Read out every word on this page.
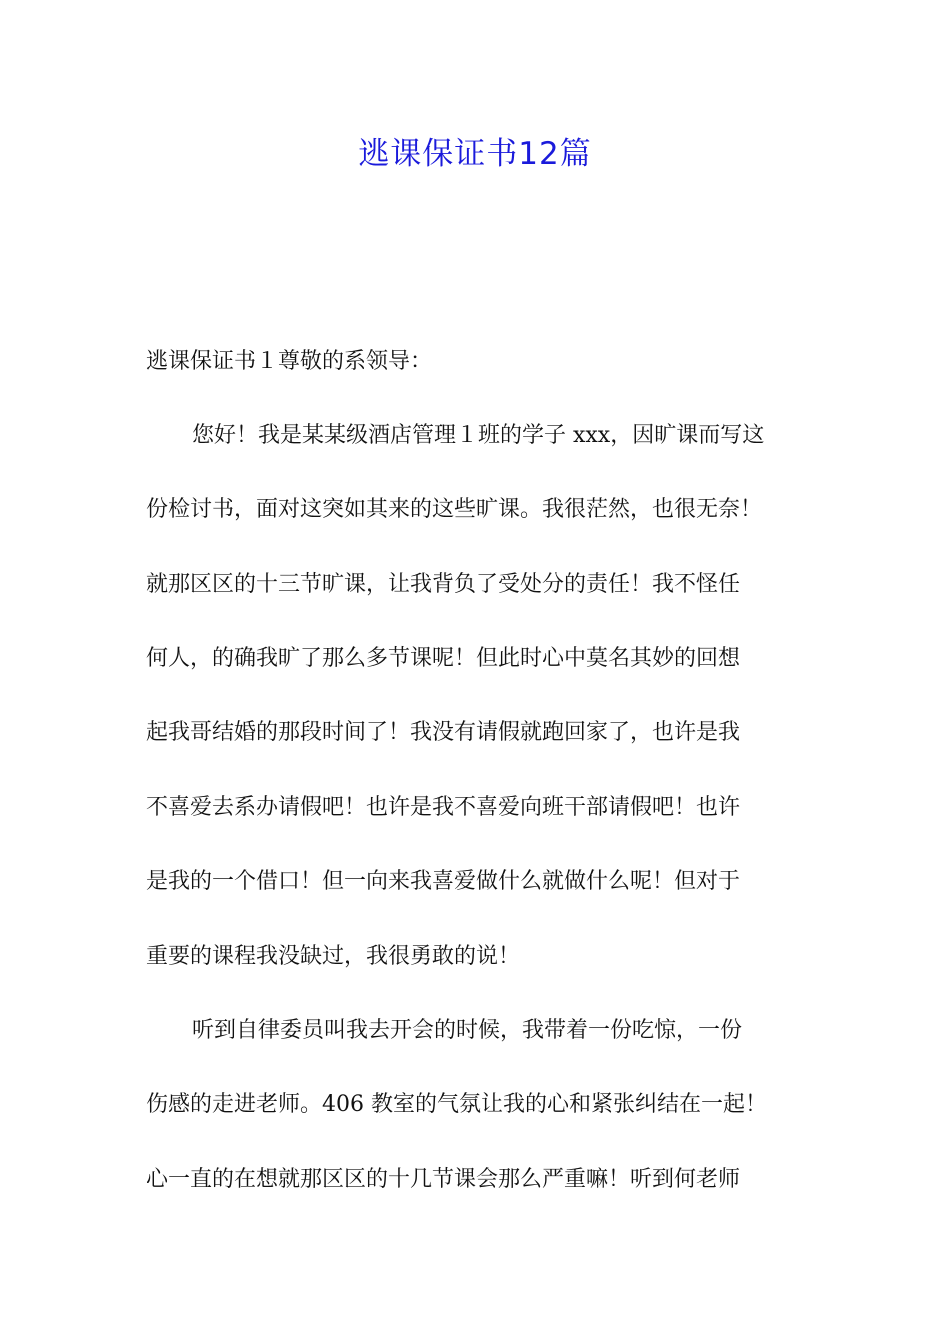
逃课保证书12篇
逃课保证书１尊敬的系领导：
您好！我是某某级酒店管理１班的学子 xxx，因旷课而写这
份检讨书，面对这突如其来的这些旷课。我很茫然，也很无奈！
就那区区的十三节旷课，让我背负了受处分的责任！我不怪任
何人，的确我旷了那么多节课呢！但此时心中莫名其妙的回想
起我哥结婚的那段时间了！我没有请假就跑回家了，也许是我
不喜爱去系办请假吧！也许是我不喜爱向班干部请假吧！也许
是我的一个借口！但一向来我喜爱做什么就做什么呢！但对于
重要的课程我没缺过，我很勇敢的说！
听到自律委员叫我去开会的时候，我带着一份吃惊，一份
伤感的走进老师。406 教室的气氛让我的心和紧张纠结在一起！
心一直的在想就那区区的十几节课会那么严重嘛！听到何老师
